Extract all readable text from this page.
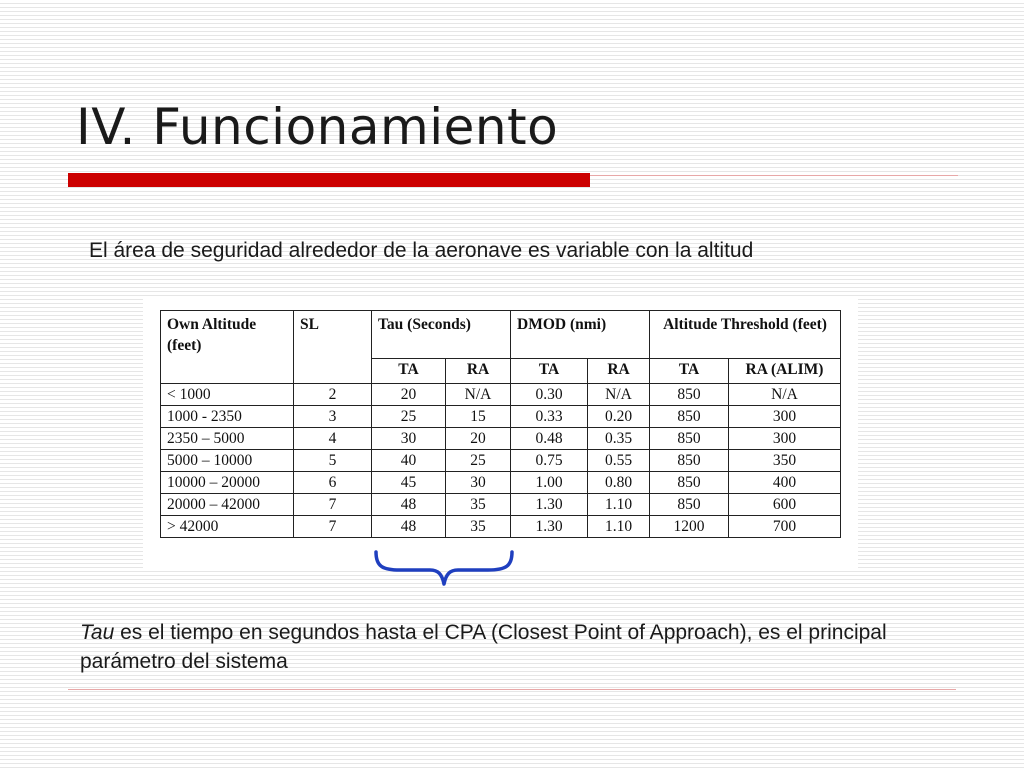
IV. Funcionamiento

El área de seguridad alrededor de la aeronave es variable con la altitud

Own Altitude (feet)	SL	Tau (Seconds)		DMOD (nmi)		Altitude Threshold (feet)	
		TA	RA	TA	RA	TA	RA (ALIM)
< 1000	2	20	N/A	0.30	N/A	850	N/A
1000 - 2350	3	25	15	0.33	0.20	850	300
2350 – 5000	4	30	20	0.48	0.35	850	300
5000 – 10000	5	40	25	0.75	0.55	850	350
10000 – 20000	6	45	30	1.00	0.80	850	400
20000 – 42000	7	48	35	1.30	1.10	850	600
> 42000	7	48	35	1.30	1.10	1200	700

Tau es el tiempo en segundos hasta el CPA (Closest Point of Approach), es el principal parámetro del sistema
